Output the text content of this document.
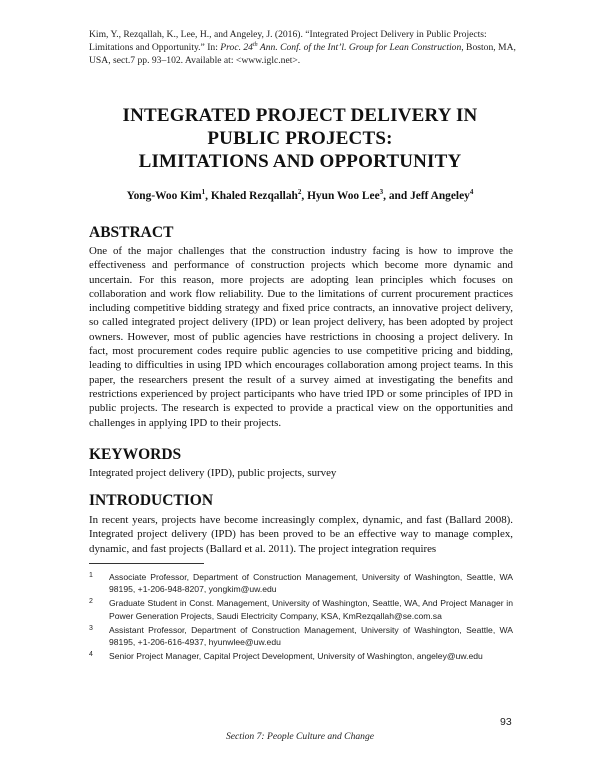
Kim, Y., Rezqallah, K., Lee, H., and Angeley, J. (2016). “Integrated Project Delivery in Public Projects: Limitations and Opportunity.” In: Proc. 24th Ann. Conf. of the Int’l. Group for Lean Construction, Boston, MA, USA, sect.7 pp. 93–102. Available at: <www.iglc.net>.
INTEGRATED PROJECT DELIVERY IN
PUBLIC PROJECTS:
LIMITATIONS AND OPPORTUNITY
Yong-Woo Kim$^1$, Khaled Rezqallah$^2$, Hyun Woo Lee$^3$, and Jeff Angeley$^4$
ABSTRACT
One of the major challenges that the construction industry facing is how to improve the effectiveness and performance of construction projects which become more dynamic and uncertain. For this reason, more projects are adopting lean principles which focuses on collaboration and work flow reliability. Due to the limitations of current procurement practices including competitive bidding strategy and fixed price contracts, an innovative project delivery, so called integrated project delivery (IPD) or lean project delivery, has been adopted by project owners. However, most of public agencies have restrictions in choosing a project delivery. In fact, most procurement codes require public agencies to use competitive pricing and bidding, leading to difficulties in using IPD which encourages collaboration among project teams. In this paper, the researchers present the result of a survey aimed at investigating the benefits and restrictions experienced by project participants who have tried IPD or some principles of IPD in public projects. The research is expected to provide a practical view on the opportunities and challenges in applying IPD to their projects.
KEYWORDS
Integrated project delivery (IPD), public projects, survey
INTRODUCTION
In recent years, projects have become increasingly complex, dynamic, and fast (Ballard 2008). Integrated project delivery (IPD) has been proved to be an effective way to manage complex, dynamic, and fast projects (Ballard et al. 2011). The project integration requires
1	Associate Professor, Department of Construction Management, University of Washington, Seattle, WA 98195, +1-206-948-8207, yongkim@uw.edu
2	Graduate Student in Const. Management, University of Washington, Seattle, WA, And Project Manager in Power Generation Projects, Saudi Electricity Company, KSA, KmRezqallah@se.com.sa
3	Assistant Professor, Department of Construction Management, University of Washington, Seattle, WA 98195, +1-206-616-4937, hyunwlee@uw.edu
4	Senior Project Manager, Capital Project Development, University of Washington, angeley@uw.edu
93
Section 7: People Culture and Change
